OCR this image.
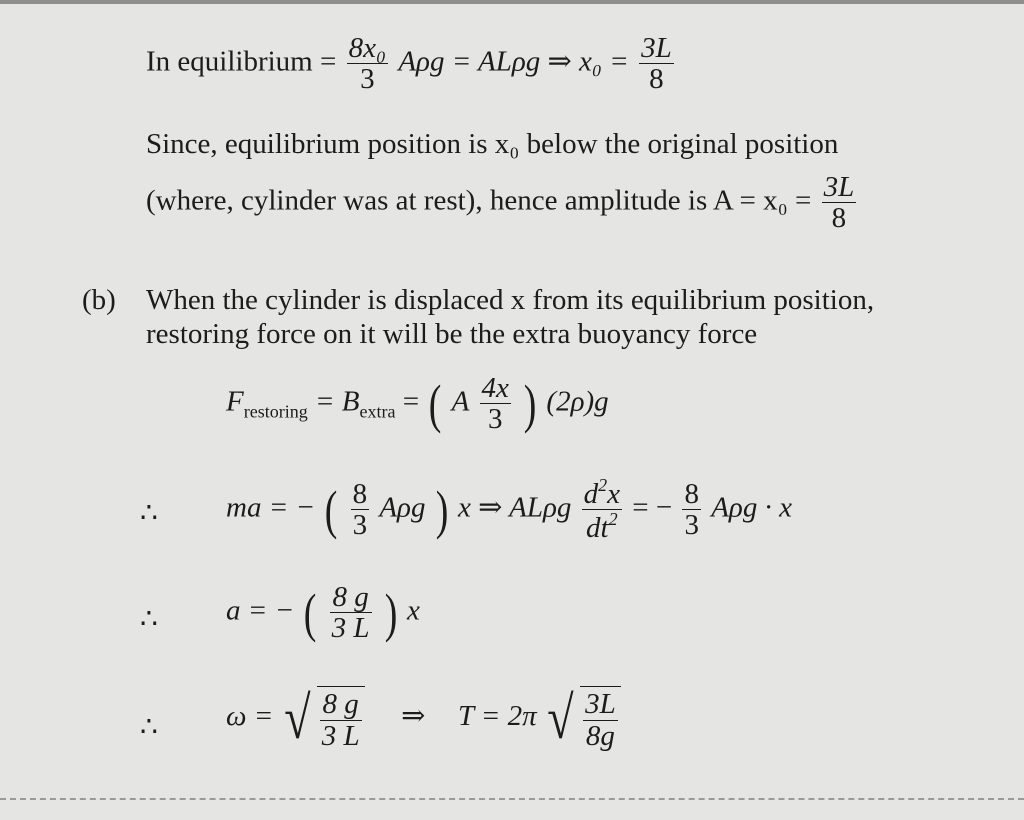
In equilibrium = $\frac{\text{8x₀}}{3}$ Aρg = ALρg ⇒ $x_0 = \frac{3L}{8}$
Since, equilibrium position is x₀ below the original position
(where, cylinder was at rest), hence amplitude is $A = x_0 = \frac{3L}{8}$
(b) When the cylinder is displaced x from its equilibrium position,
restoring force on it will be the extra buoyancy force
$F_{restoring} = B_{extra}$ = ( A $\frac{4x}{3}$ ) (2ρ)g
∴ ma = − ( $\frac{8}{3}$ Aρg ) x ⇒ ALρg $\frac{d^2x}{dt^2}$ = − $\frac{8}{3}$ Aρg · x
∴ a = − ( $\frac{8 g}{3 L}$ ) x
∴ ω = √ $\frac{8 g}{3 L}$ ⇒ T = 2π √ $\frac{3L}{8g}$
